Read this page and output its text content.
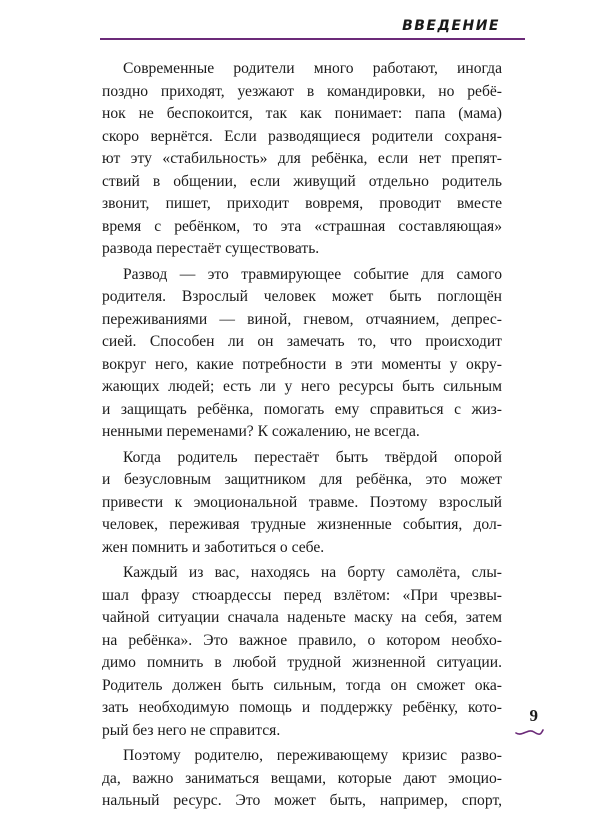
ВВЕДЕНИЕ

Современные родители много работают, иногда
поздно приходят, уезжают в командировки, но ребё-
нок не беспокоится, так как понимает: папа (мама)
скоро вернётся. Если разводящиеся родители сохраня-
ют эту «стабильность» для ребёнка, если нет препят-
ствий в общении, если живущий отдельно родитель
звонит, пишет, приходит вовремя, проводит вместе
время с ребёнком, то эта «страшная составляющая»
развода перестаёт существовать.

Развод — это травмирующее событие для самого
родителя. Взрослый человек может быть поглощён
переживаниями — виной, гневом, отчаянием, депрес-
сией. Способен ли он замечать то, что происходит
вокруг него, какие потребности в эти моменты у окру-
жающих людей; есть ли у него ресурсы быть сильным
и защищать ребёнка, помогать ему справиться с жиз-
ненными переменами? К сожалению, не всегда.

Когда родитель перестаёт быть твёрдой опорой
и безусловным защитником для ребёнка, это может
привести к эмоциональной травме. Поэтому взрослый
человек, переживая трудные жизненные события, дол-
жен помнить и заботиться о себе.

Каждый из вас, находясь на борту самолёта, слы-
шал фразу стюардессы перед взлётом: «При чрезвы-
чайной ситуации сначала наденьте маску на себя, затем
на ребёнка». Это важное правило, о котором необхо-
димо помнить в любой трудной жизненной ситуации.
Родитель должен быть сильным, тогда он сможет ока-
зать необходимую помощь и поддержку ребёнку, кото-
рый без него не справится.

Поэтому родителю, переживающему кризис разво-
да, важно заниматься вещами, которые дают эмоцио-
нальный ресурс. Это может быть, например, спорт,

9
